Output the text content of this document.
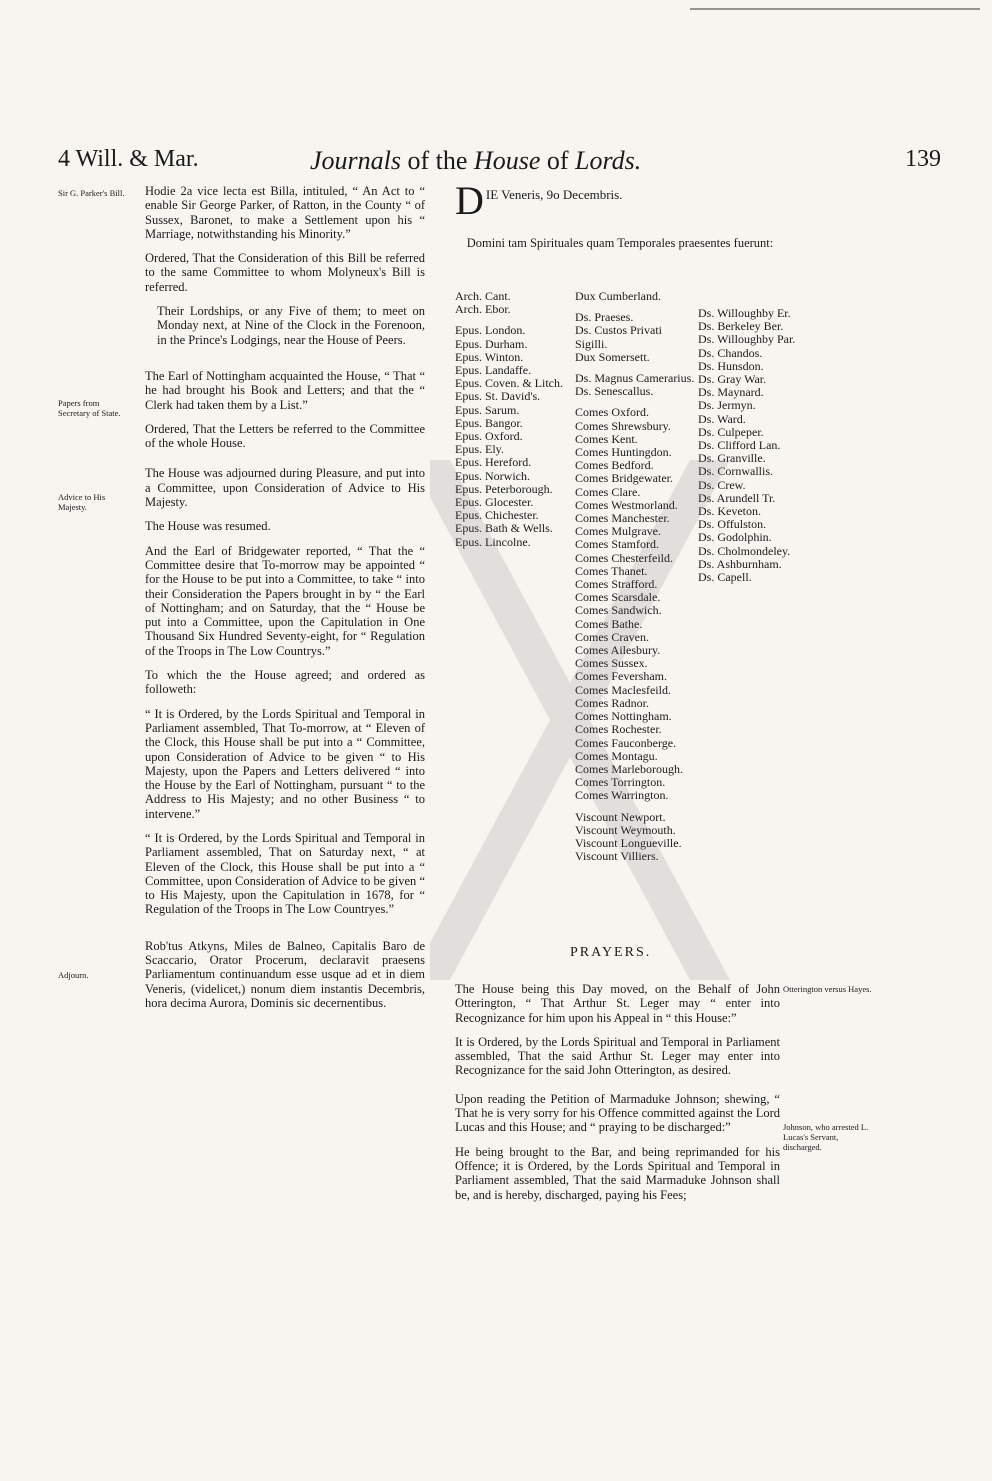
4 Will. & Mar.	Journals of the House of Lords.	139
Sir G. Parker's Bill.
Papers from Secretary of State.
Advice to His Majesty.
Adjourn.

Hodie 2a vice lecta est Billa, intituled, “ An Act to “ enable Sir George Parker, of Ratton, in the County “ of Sussex, Baronet, to make a Settlement upon his “ Marriage, notwithstanding his Minority.”

Ordered, That the Consideration of this Bill be referred to the same Committee to whom Molyneux's Bill is referred.

Their Lordships, or any Five of them; to meet on Monday next, at Nine of the Clock in the Forenoon, in the Prince's Lodgings, near the House of Peers.

The Earl of Nottingham acquainted the House, “ That “ he had brought his Book and Letters; and that the “ Clerk had taken them by a List.”

Ordered, That the Letters be referred to the Committee of the whole House.

The House was adjourned during Pleasure, and put into a Committee, upon Consideration of Advice to His Majesty.

The House was resumed.

And the Earl of Bridgewater reported, “ That the “ Committee desire that To-morrow may be appointed “ for the House to be put into a Committee, to take “ into their Consideration the Papers brought in by “ the Earl of Nottingham; and on Saturday, that the “ House be put into a Committee, upon the Capitulation in One Thousand Six Hundred Seventy-eight, for “ Regulation of the Troops in The Low Countrys.”

To which the the House agreed; and ordered as followeth:

“ It is Ordered, by the Lords Spiritual and Temporal in Parliament assembled, That To-morrow, at “ Eleven of the Clock, this House shall be put into a “ Committee, upon Consideration of Advice to be given “ to His Majesty, upon the Papers and Letters delivered “ into the House by the Earl of Nottingham, pursuant “ to the Address to His Majesty; and no other Business “ to intervene.”

“ It is Ordered, by the Lords Spiritual and Temporal in Parliament assembled, That on Saturday next, “ at Eleven of the Clock, this House shall be put into a “ Committee, upon Consideration of Advice to be given “ to His Majesty, upon the Capitulation in 1678, for “ Regulation of the Troops in The Low Countryes.”

Rob'tus Atkyns, Miles de Balneo, Capitalis Baro de Scaccario, Orator Procerum, declaravit praesens Parliamentum continuandum esse usque ad et in diem Veneris, (videlicet,) nonum diem instantis Decembris, hora decima Aurora, Dominis sic decernentibus.

DIE Veneris, 9o Decembris.
Domini tam Spirituales quam Temporales praesentes fuerunt:
Arch. Cant.
Arch. Ebor.
Epus. London.
Epus. Durham.
Epus. Winton.
Epus. Landaffe.
Epus. Coven. & Litch.
Epus. St. David's.
Epus. Sarum.
Epus. Bangor.
Epus. Oxford.
Epus. Ely.
Epus. Hereford.
Epus. Norwich.
Epus. Peterborough.
Epus. Glocester.
Epus. Chichester.
Epus. Bath & Wells.
Epus. Lincolne.
Dux Cumberland.
Ds. Praeses.
Ds. Custos Privati
Sigilli.
Dux Somersett.
Ds. Magnus Camerarius.
Ds. Senescallus.
Comes Oxford.
Comes Shrewsbury.
Comes Kent.
Comes Huntingdon.
Comes Bedford.
Comes Bridgewater.
Comes Clare.
Comes Westmorland.
Comes Manchester.
Comes Mulgrave.
Comes Stamford.
Comes Chesterfeild.
Comes Thanet.
Comes Strafford.
Comes Scarsdale.
Comes Sandwich.
Comes Bathe.
Comes Craven.
Comes Ailesbury.
Comes Sussex.
Comes Feversham.
Comes Maclesfeild.
Comes Radnor.
Comes Nottingham.
Comes Rochester.
Comes Fauconberge.
Comes Montagu.
Comes Marleborough.
Comes Torrington.
Comes Warrington.
Viscount Newport.
Viscount Weymouth.
Viscount Longueville.
Viscount Villiers.
Ds. Willoughby Er.
Ds. Berkeley Ber.
Ds. Willoughby Par.
Ds. Chandos.
Ds. Hunsdon.
Ds. Gray War.
Ds. Maynard.
Ds. Jermyn.
Ds. Ward.
Ds. Culpeper.
Ds. Clifford Lan.
Ds. Granville.
Ds. Cornwallis.
Ds. Crew.
Ds. Arundell Tr.
Ds. Keveton.
Ds. Offulston.
Ds. Godolphin.
Ds. Cholmondeley.
Ds. Ashburnham.
Ds. Capell.
PRAYERS.

The House being this Day moved, on the Behalf of John Otterington, “ That Arthur St. Leger may “ enter into Recognizance for him upon his Appeal in “ this House:”

It is Ordered, by the Lords Spiritual and Temporal in Parliament assembled, That the said Arthur St. Leger may enter into Recognizance for the said John Otterington, as desired.

Upon reading the Petition of Marmaduke Johnson; shewing, “ That he is very sorry for his Offence committed against the Lord Lucas and this House; and “ praying to be discharged:”

He being brought to the Bar, and being reprimanded for his Offence; it is Ordered, by the Lords Spiritual and Temporal in Parliament assembled, That the said Marmaduke Johnson shall be, and is hereby, discharged, paying his Fees;

Otterington versus Hayes.
Johnson, who arrested L. Lucas's Servant, discharged.
